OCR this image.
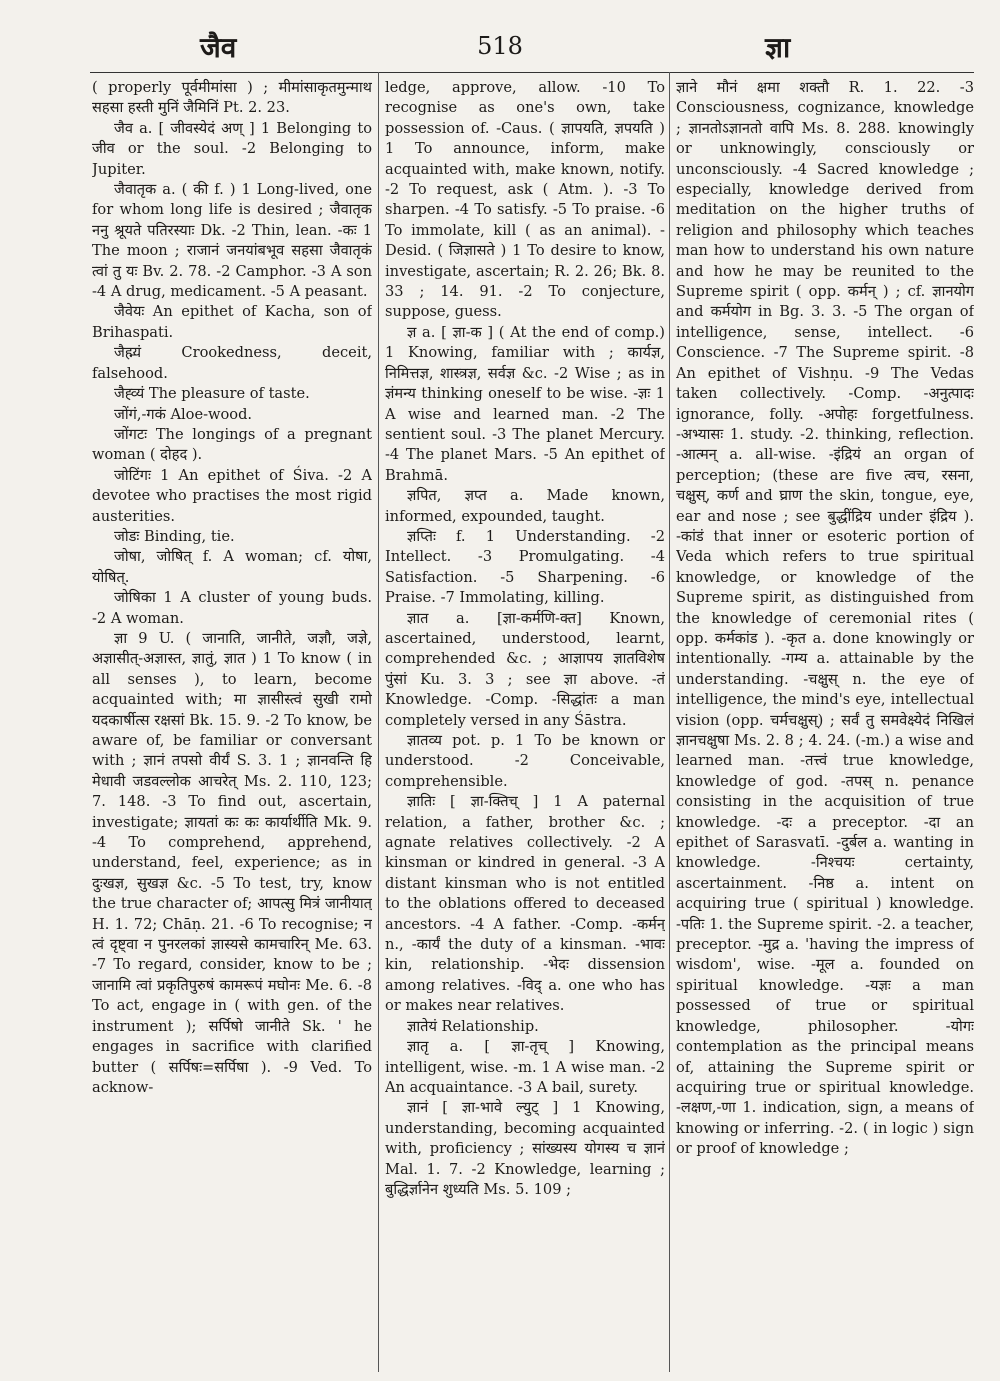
जैव	518	ज्ञा

( properly पूर्वमीमांसा ) ; मीमांसाकृतमुन्माथ सहसा हस्ती मुनिं जैमिनिं Pt. 2. 23.

जैव a. [ जीवस्येदं अण् ] 1 Belonging to जीव or the soul. -2 Belonging to Jupiter.

जैवातृक a. ( की f. ) 1 Long-lived, one for whom long life is desired ; जैवातृक ननु श्रूयते पतिरस्याः Dk. -2 Thin, lean. -कः 1 The moon ; राजानं जनयांबभूव सहसा जैवातृकं त्वां तु यः Bv. 2. 78. -2 Camphor. -3 A son -4 A drug, medicament. -5 A peasant.

जैवेयः An epithet of Kacha, son of Brihaspati.

जैह्म्यं Crookedness, deceit, falsehood.

जैह्व्यं The pleasure of taste.

जोंगं,-गकं Aloe-wood.

जोंगटः The longings of a pregnant woman ( दोहद ).

जोटिंगः 1 An epithet of Śiva. -2 A devotee who practises the most rigid austerities.

जोडः Binding, tie.

जोषा, जोषित् f. A woman; cf. योषा, योषित्.

जोषिका 1 A cluster of young buds. -2 A woman.

ज्ञा 9 U. ( जानाति, जानीते, जज्ञौ, जज्ञे, अज्ञासीत्-अज्ञास्त, ज्ञातुं, ज्ञात ) 1 To know ( in all senses ), to learn, become acquainted with; मा ज्ञासीस्त्वं सुखी रामो यदकार्षीत्स रक्षसां Bk. 15. 9. -2 To know, be aware of, be familiar or conversant with ; ज्ञानं तपसो वीर्यं S. 3. 1 ; ज्ञानवन्ति हि मेधावी जडवल्लोक आचरेत् Ms. 2. 110, 123; 7. 148. -3 To find out, ascertain, investigate; ज्ञायतां कः कः कार्यार्थीति Mk. 9. -4 To comprehend, apprehend, understand, feel, experience; as in दुःखज्ञ, सुखज्ञ &c. -5 To test, try, know the true character of; आपत्सु मित्रं जानीयात् H. 1. 72; Chāṇ. 21. -6 To recognise; न त्वं दृष्ट्वा न पुनरलकां ज्ञास्यसे कामचारिन् Me. 63. -7 To regard, consider, know to be ; जानामि त्वां प्रकृतिपुरुषं कामरूपं मघोनः Me. 6. -8 To act, engage in ( with gen. of the instrument ); सर्पिषो जानीते Sk. ' he engages in sacrifice with clarified butter ( सर्पिषः=सर्पिषा ). -9 Ved. To acknow-

ledge, approve, allow. -10 To recognise as one's own, take possession of. -Caus. ( ज्ञापयति, ज्ञपयति ) 1 To announce, inform, make acquainted with, make known, notify. -2 To request, ask ( Atm. ). -3 To sharpen. -4 To satisfy. -5 To praise. -6 To immolate, kill ( as an animal). -Desid. ( जिज्ञासते ) 1 To desire to know, investigate, ascertain; R. 2. 26; Bk. 8. 33 ; 14. 91. -2 To conjecture, suppose, guess.

ज्ञ a. [ ज्ञा-क ] ( At the end of comp.) 1 Knowing, familiar with ; कार्यज्ञ, निमित्तज्ञ, शास्त्रज्ञ, सर्वज्ञ &c. -2 Wise ; as in ज्ञंमन्य thinking oneself to be wise. -ज्ञः 1 A wise and learned man. -2 The sentient soul. -3 The planet Mercury. -4 The planet Mars. -5 An epithet of Brahmā.

ज्ञपित, ज्ञप्त a. Made known, informed, expounded, taught.

ज्ञप्तिः f. 1 Understanding. -2 Intellect. -3 Promulgating. -4 Satisfaction. -5 Sharpening. -6 Praise. -7 Immolating, killing.

ज्ञात a. [ज्ञा-कर्मणि-क्त] Known, ascertained, understood, learnt, comprehended &c. ; आज्ञापय ज्ञातविशेष पुंसां Ku. 3. 3 ; see ज्ञा above. -तं Knowledge. -Comp. -सिद्धांतः a man completely versed in any Śāstra.

ज्ञातव्य pot. p. 1 To be known or understood. -2 Conceivable, comprehensible.

ज्ञातिः [ ज्ञा-क्तिच् ] 1 A paternal relation, a father, brother &c. ; agnate relatives collectively. -2 A kinsman or kindred in general. -3 A distant kinsman who is not entitled to the oblations offered to deceased ancestors. -4 A father. -Comp. -कर्मन् n., -कार्यं the duty of a kinsman. -भावः kin, relationship. -भेदः dissension among relatives. -विद् a. one who has or makes near relatives.

ज्ञातेयं Relationship.

ज्ञातृ a. [ ज्ञा-तृच् ] Knowing, intelligent, wise. -m. 1 A wise man. -2 An acquaintance. -3 A bail, surety.

ज्ञानं [ ज्ञा-भावे ल्युट् ] 1 Knowing, understanding, becoming acquainted with, proficiency ; सांख्यस्य योगस्य च ज्ञानं Mal. 1. 7. -2 Knowledge, learning ; बुद्धिर्ज्ञानेन शुध्यति Ms. 5. 109 ;

ज्ञाने मौनं क्षमा शक्तौ R. 1. 22. -3 Consciousness, cognizance, knowledge ; ज्ञानतोऽज्ञानतो वापि Ms. 8. 288. knowingly or unknowingly, consciously or unconsciously. -4 Sacred knowledge ; especially, knowledge derived from meditation on the higher truths of religion and philosophy which teaches man how to understand his own nature and how he may be reunited to the Supreme spirit ( opp. कर्मन् ) ; cf. ज्ञानयोग and कर्मयोग in Bg. 3. 3. -5 The organ of intelligence, sense, intellect. -6 Conscience. -7 The Supreme spirit. -8 An epithet of Vishṇu. -9 The Vedas taken collectively. -Comp. -अनुत्पादः ignorance, folly. -अपोहः forgetfulness. -अभ्यासः 1. study. -2. thinking, reflection. -आत्मन् a. all-wise. -इंद्रियं an organ of perception; (these are five त्वच, रसना, चक्षुस्, कर्ण and घ्राण the skin, tongue, eye, ear and nose ; see बुद्धींद्रिय under इंद्रिय ). -कांडं that inner or esoteric portion of Veda which refers to true spiritual knowledge, or knowledge of the Supreme spirit, as distinguished from the knowledge of ceremonial rites ( opp. कर्मकांड ). -कृत a. done knowingly or intentionally. -गम्य a. attainable by the understanding. -चक्षुस् n. the eye of intelligence, the mind's eye, intellectual vision (opp. चर्मचक्षुस्) ; सर्वं तु समवेक्ष्येदं निखिलं ज्ञानचक्षुषा Ms. 2. 8 ; 4. 24. (-m.) a wise and learned man. -तत्त्वं true knowledge, knowledge of god. -तपस् n. penance consisting in the acquisition of true knowledge. -दः a preceptor. -दा an epithet of Sarasvatī. -दुर्बल a. wanting in knowledge. -निश्चयः certainty, ascertainment. -निष्ठ a. intent on acquiring true ( spiritual ) knowledge. -पतिः 1. the Supreme spirit. -2. a teacher, preceptor. -मुद्र a. 'having the impress of wisdom', wise. -मूल a. founded on spiritual knowledge. -यज्ञः a man possessed of true or spiritual knowledge, philosopher. -योगः contemplation as the principal means of, attaining the Supreme spirit or acquiring true or spiritual knowledge. -लक्षण,-णा 1. indication, sign, a means of knowing or inferring. -2. ( in logic ) sign or proof of knowledge ;
